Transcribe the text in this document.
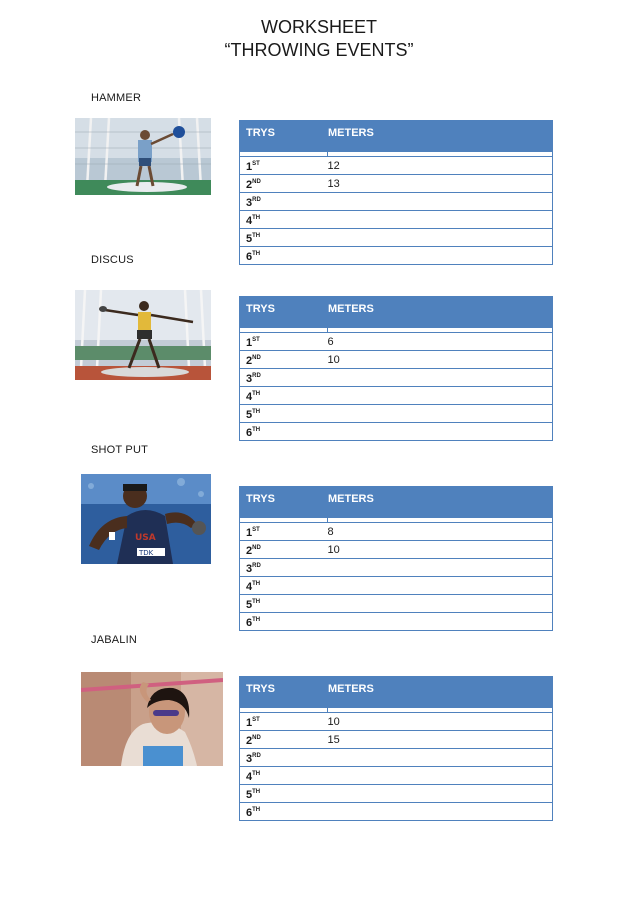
WORKSHEET
“THROWING EVENTS”
HAMMER
TRYS	METERS

1ST	12
2ND	13
3RD	
4TH	
5TH	
6TH	
DISCUS
TRYS	METERS

1ST	6
2ND	10
3RD	
4TH	
5TH	
6TH	
SHOT PUT
TDK
USA
TRYS	METERS

1ST	8
2ND	10
3RD	
4TH	
5TH	
6TH	
JABALIN
TRYS	METERS

1ST	10
2ND	15
3RD	
4TH	
5TH	
6TH	
